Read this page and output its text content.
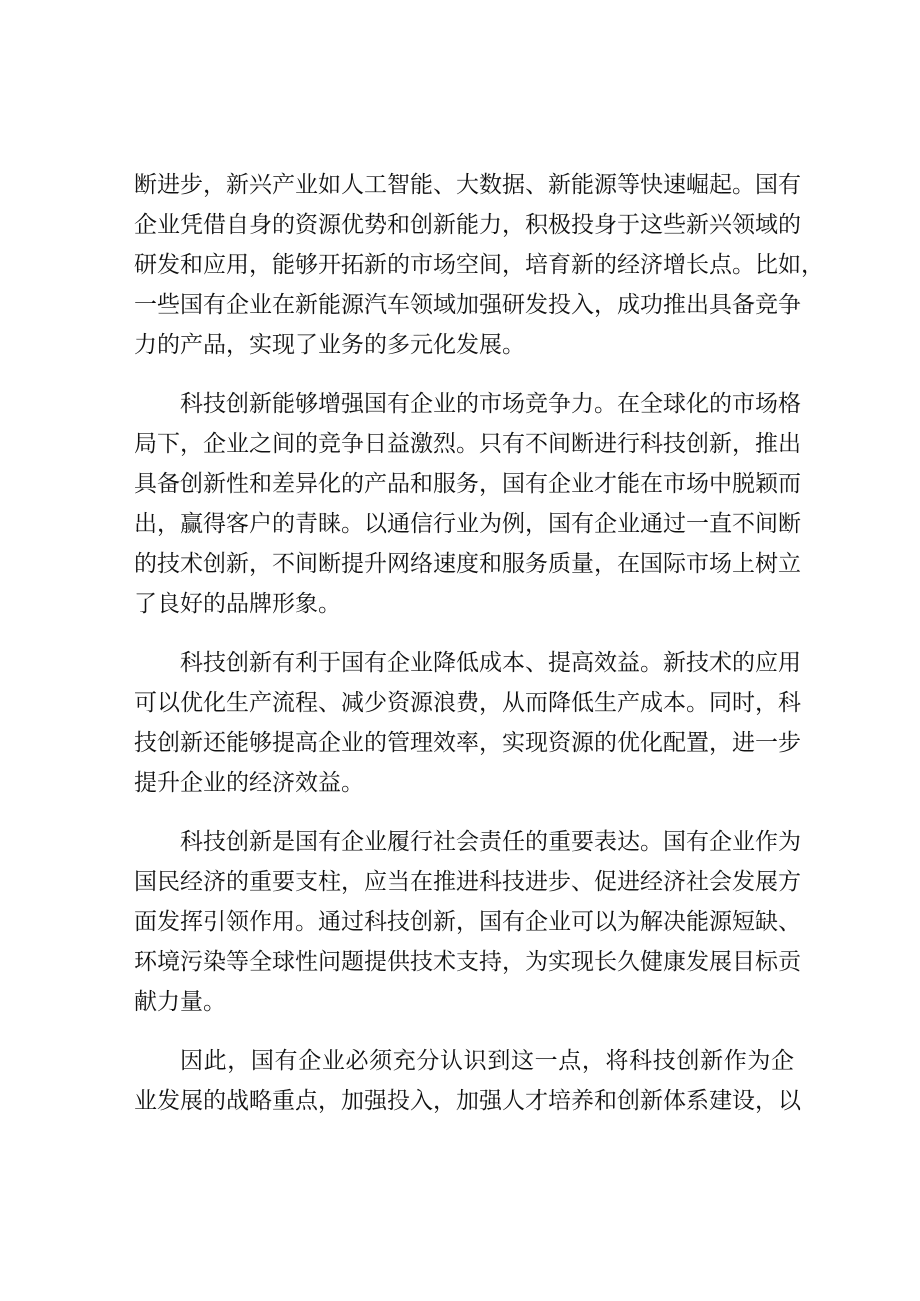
断进步，新兴产业如人工智能、大数据、新能源等快速崛起。国有
企业凭借自身的资源优势和创新能力，积极投身于这些新兴领域的
研发和应用，能够开拓新的市场空间，培育新的经济增长点。比如，
一些国有企业在新能源汽车领域加强研发投入，成功推出具备竞争
力的产品，实现了业务的多元化发展。
科技创新能够增强国有企业的市场竞争力。在全球化的市场格
局下，企业之间的竞争日益激烈。只有不间断进行科技创新，推出
具备创新性和差异化的产品和服务，国有企业才能在市场中脱颖而
出，赢得客户的青睐。以通信行业为例，国有企业通过一直不间断
的技术创新，不间断提升网络速度和服务质量，在国际市场上树立
了良好的品牌形象。
科技创新有利于国有企业降低成本、提高效益。新技术的应用
可以优化生产流程、减少资源浪费，从而降低生产成本。同时，科
技创新还能够提高企业的管理效率，实现资源的优化配置，进一步
提升企业的经济效益。
科技创新是国有企业履行社会责任的重要表达。国有企业作为
国民经济的重要支柱，应当在推进科技进步、促进经济社会发展方
面发挥引领作用。通过科技创新，国有企业可以为解决能源短缺、
环境污染等全球性问题提供技术支持，为实现长久健康发展目标贡
献力量。
因此，国有企业必须充分认识到这一点，将科技创新作为企
业发展的战略重点，加强投入，加强人才培养和创新体系建设，以
